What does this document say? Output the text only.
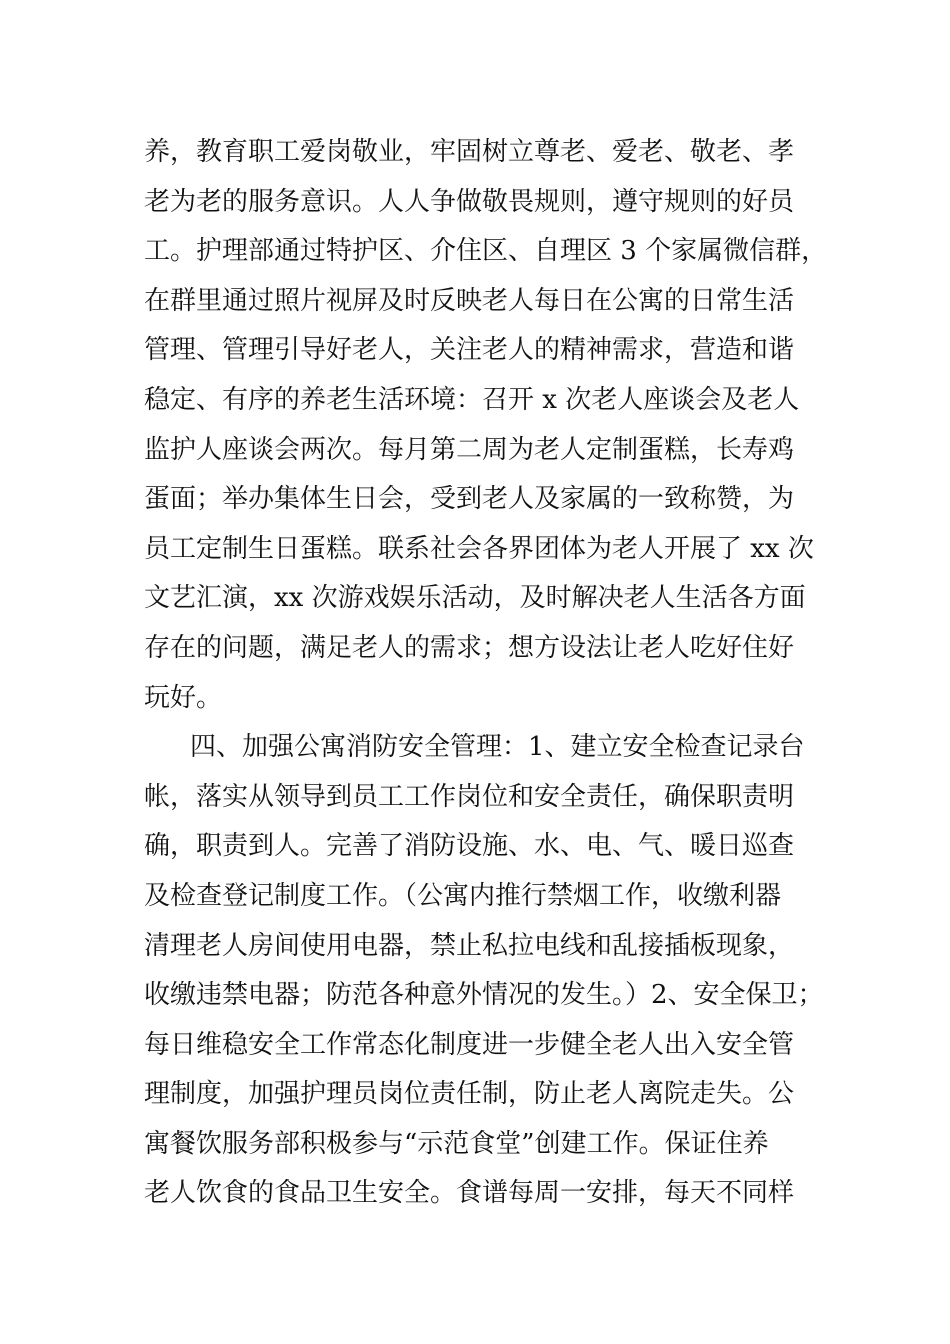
养，教育职工爱岗敬业，牢固树立尊老、爱老、敬老、孝
老为老的服务意识。人人争做敬畏规则，遵守规则的好员
工。护理部通过特护区、介住区、自理区 3 个家属微信群，
在群里通过照片视屏及时反映老人每日在公寓的日常生活
管理、管理引导好老人，关注老人的精神需求，营造和谐
稳定、有序的养老生活环境：召开 x 次老人座谈会及老人
监护人座谈会两次。每月第二周为老人定制蛋糕，长寿鸡
蛋面；举办集体生日会，受到老人及家属的一致称赞，为
员工定制生日蛋糕。联系社会各界团体为老人开展了 xx 次
文艺汇演，xx 次游戏娱乐活动，及时解决老人生活各方面
存在的问题，满足老人的需求；想方设法让老人吃好住好
玩好。
四、加强公寓消防安全管理：1、建立安全检查记录台
帐，落实从领导到员工工作岗位和安全责任，确保职责明
确，职责到人。完善了消防设施、水、电、气、暖日巡查
及检查登记制度工作。（公寓内推行禁烟工作，收缴利器
清理老人房间使用电器，禁止私拉电线和乱接插板现象，
收缴违禁电器；防范各种意外情况的发生。）2、安全保卫；
每日维稳安全工作常态化制度进一步健全老人出入安全管
理制度，加强护理员岗位责任制，防止老人离院走失。公
寓餐饮服务部积极参与“示范食堂”创建工作。保证住养
老人饮食的食品卫生安全。食谱每周一安排，每天不同样
